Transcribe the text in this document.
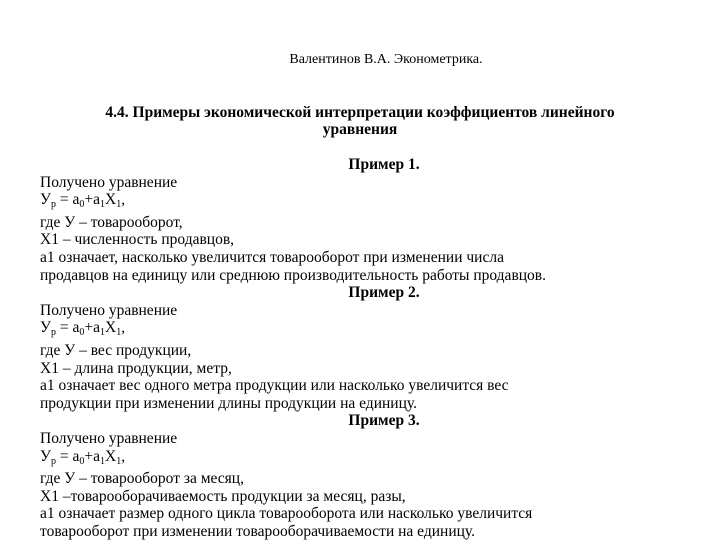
Валентинов В.А. Эконометрика.
4.4. Примеры экономической интерпретации коэффициентов линейного
уравнения
Пример 1.
Получено уравнение
$У_р = а_0+а_1Х_1$,
где У – товарооборот,
Х1 – численность продавцов,
а1 означает, насколько увеличится товарооборот при изменении числа
продавцов на единицу или среднюю производительность работы продавцов.
Пример 2.
Получено уравнение
$У_р = а_0+а_1Х_1$,
где У – вес продукции,
Х1 – длина продукции, метр,
а1 означает вес одного метра продукции или насколько увеличится вес
продукции при изменении длины продукции на единицу.
Пример 3.
Получено уравнение
$У_р = а_0+а_1Х_1$,
где У – товарооборот за месяц,
Х1 –товарооборачиваемость продукции за месяц, разы,
а1 означает размер одного цикла товарооборота или насколько увеличится
товарооборот при изменении товарооборачиваемости на единицу.
